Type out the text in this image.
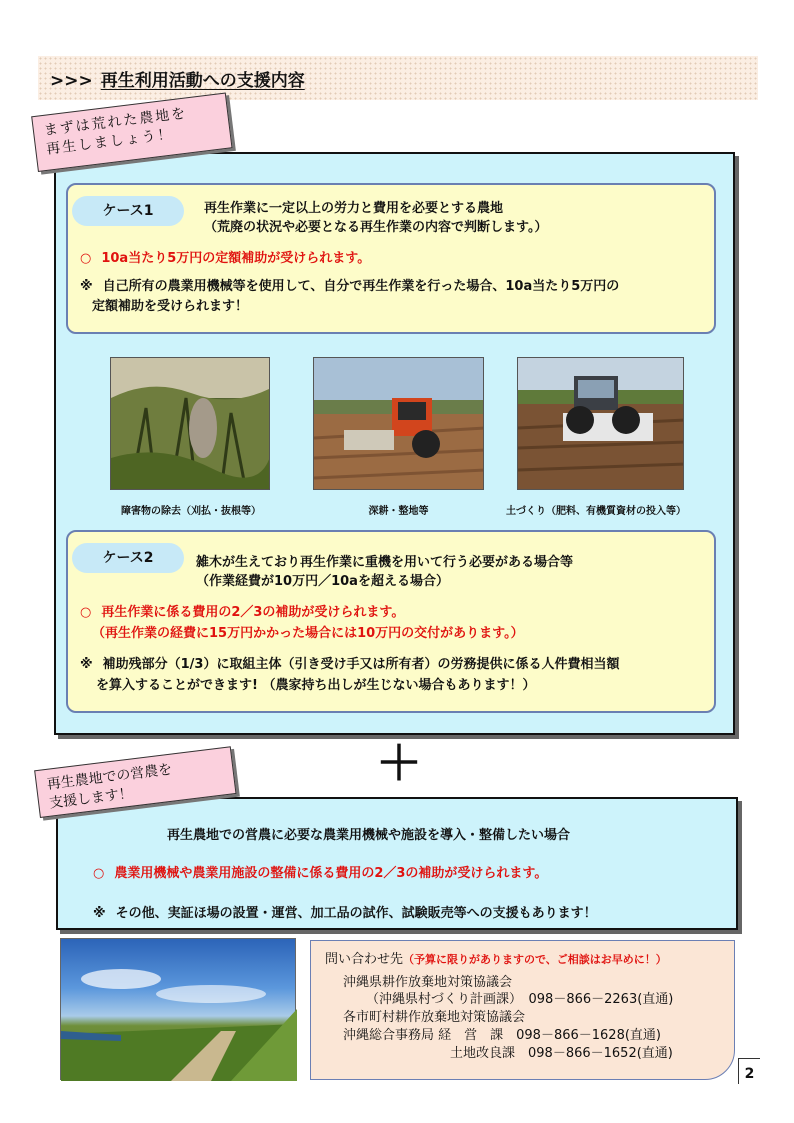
>>> 再生利用活動への支援内容
まずは荒れた農地を
再生しましょう！
ケース1	再生作業に一定以上の労力と費用を必要とする農地
（荒廃の状況や必要となる再生作業の内容で判断します。）
○ 10a当たり5万円の定額補助が受けられます。
※ 自己所有の農業用機械等を使用して、自分で再生作業を行った場合、10a当たり5万円の
定額補助を受けられます！
障害物の除去（刈払・抜根等）	深耕・整地等	土づくり（肥料、有機質資材の投入等）
ケース2	雑木が生えており再生作業に重機を用いて行う必要がある場合等
（作業経費が10万円／10aを超える場合）
○ 再生作業に係る費用の2／3の補助が受けられます。
（再生作業の経費に15万円かかった場合には10万円の交付があります。）
※ 補助残部分（1/3）に取組主体（引き受け手又は所有者）の労務提供に係る人件費相当額
を算入することができます! （農家持ち出しが生じない場合もあります！）
＋
再生農地での営農を
支援します！
再生農地での営農に必要な農業用機械や施設を導入・整備したい場合
○ 農業用機械や農業用施設の整備に係る費用の2／3の補助が受けられます。
※ その他、実証ほ場の設置・運営、加工品の試作、試験販売等への支援もあります！
問い合わせ先（予算に限りがありますので、ご相談はお早めに！）
沖縄県耕作放棄地対策協議会
（沖縄県村づくり計画課）　098－866－2263(直通)
各市町村耕作放棄地対策協議会
沖縄総合事務局 経　営　課　098－866－1628(直通)
土地改良課　098－866－1652(直通)
2
